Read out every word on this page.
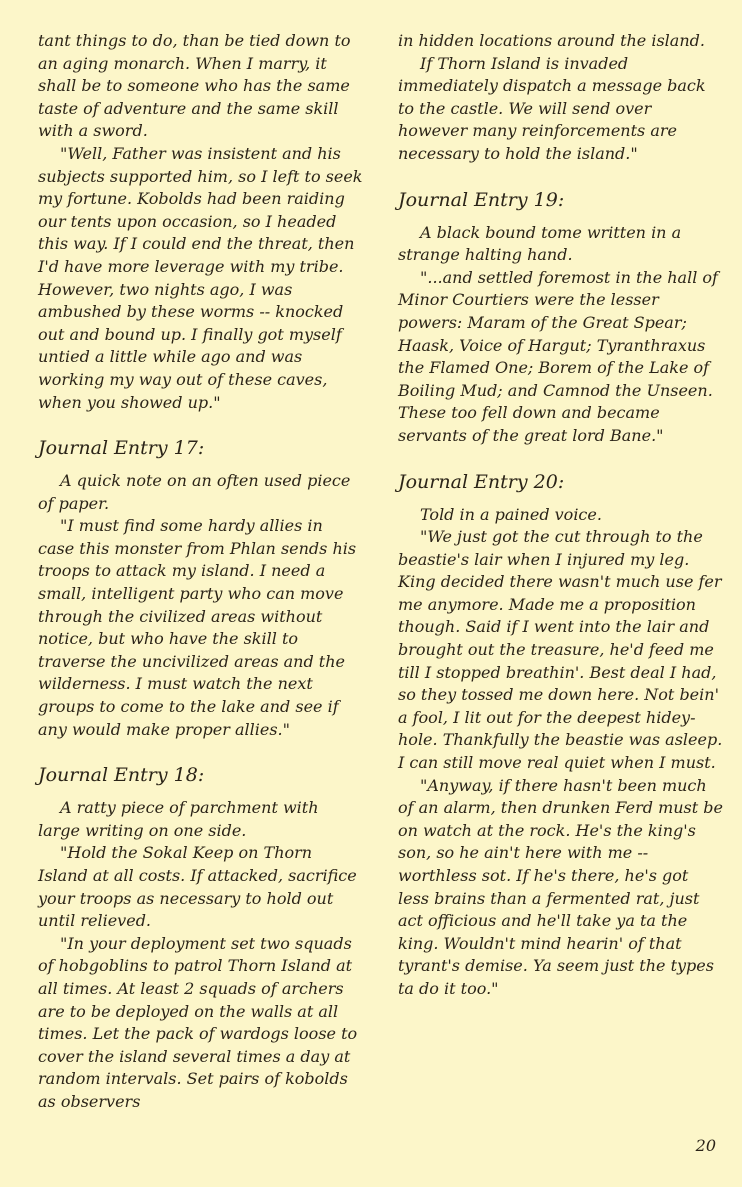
tant things to do, than be tied down to an aging monarch. When I marry, it shall be to someone who has the same taste of adventure and the same skill with a sword.

"Well, Father was insistent and his subjects supported him, so I left to seek my fortune. Kobolds had been raiding our tents upon occasion, so I headed this way. If I could end the threat, then I'd have more leverage with my tribe. However, two nights ago, I was ambushed by these worms -- knocked out and bound up. I finally got myself untied a little while ago and was working my way out of these caves, when you showed up."

Journal Entry 17:

A quick note on an often used piece of paper.

"I must find some hardy allies in case this monster from Phlan sends his troops to attack my island. I need a small, intelligent party who can move through the civilized areas without notice, but who have the skill to traverse the uncivilized areas and the wilderness. I must watch the next groups to come to the lake and see if any would make proper allies."

Journal Entry 18:

A ratty piece of parchment with large writing on one side.

"Hold the Sokal Keep on Thorn Island at all costs. If attacked, sacrifice your troops as necessary to hold out until relieved.

"In your deployment set two squads of hobgoblins to patrol Thorn Island at all times. At least 2 squads of archers are to be deployed on the walls at all times. Let the pack of wardogs loose to cover the island several times a day at random intervals. Set pairs of kobolds as observers

in hidden locations around the island.

If Thorn Island is invaded immediately dispatch a message back to the castle. We will send over however many reinforcements are necessary to hold the island."

Journal Entry 19:

A black bound tome written in a strange halting hand.

"...and settled foremost in the hall of Minor Courtiers were the lesser powers: Maram of the Great Spear; Haask, Voice of Hargut; Tyranthraxus the Flamed One; Borem of the Lake of Boiling Mud; and Camnod the Unseen. These too fell down and became servants of the great lord Bane."

Journal Entry 20:

Told in a pained voice.

"We just got the cut through to the beastie's lair when I injured my leg. King decided there wasn't much use fer me anymore. Made me a proposition though. Said if I went into the lair and brought out the treasure, he'd feed me till I stopped breathin'. Best deal I had, so they tossed me down here. Not bein' a fool, I lit out for the deepest hidey-hole. Thankfully the beastie was asleep. I can still move real quiet when I must.

"Anyway, if there hasn't been much of an alarm, then drunken Ferd must be on watch at the rock. He's the king's son, so he ain't here with me -- worthless sot. If he's there, he's got less brains than a fermented rat, just act officious and he'll take ya ta the king. Wouldn't mind hearin' of that tyrant's demise. Ya seem just the types ta do it too."

20
